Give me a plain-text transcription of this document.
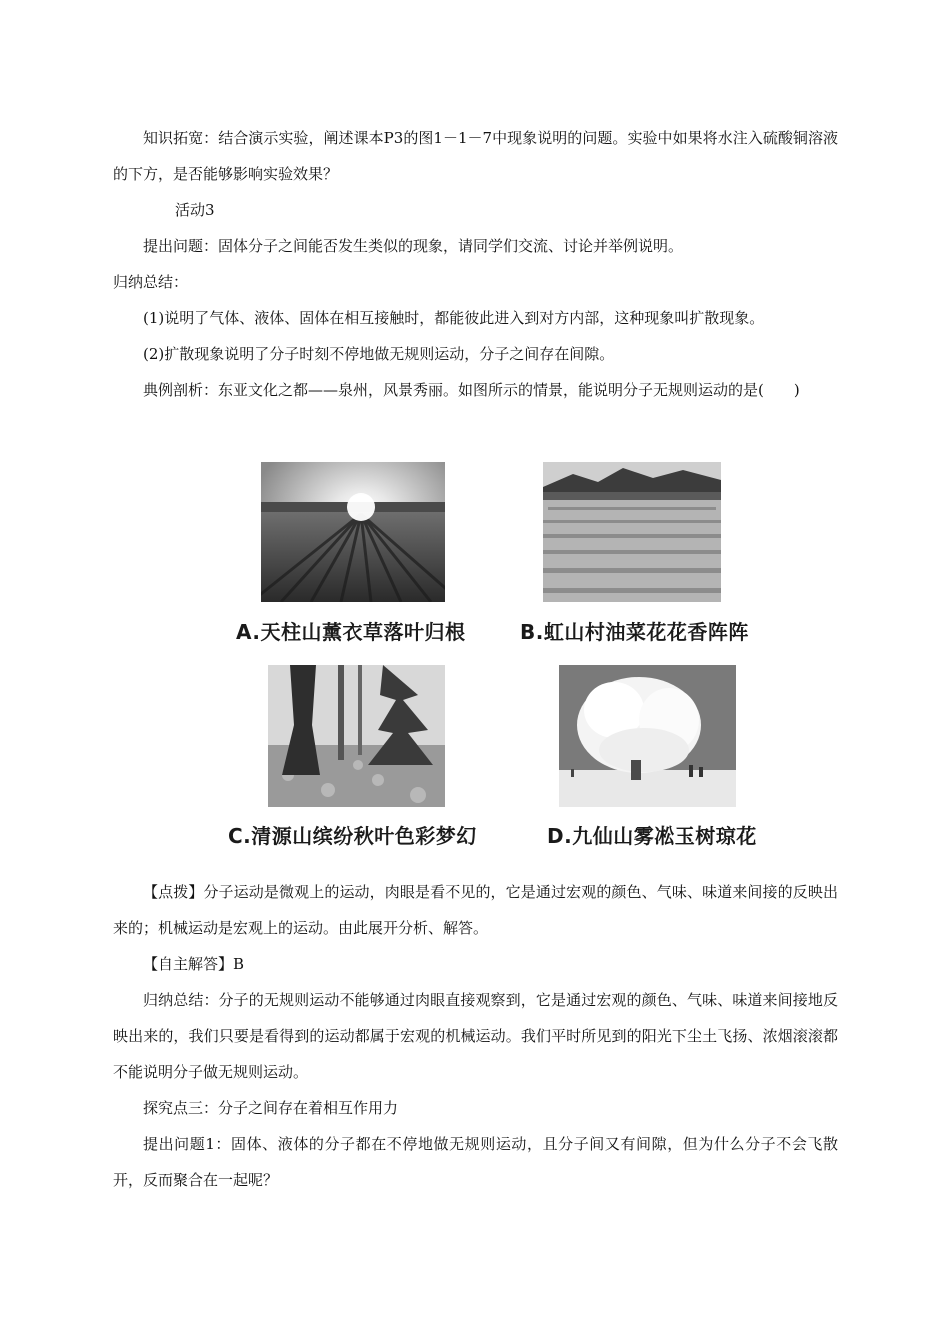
知识拓宽：结合演示实验，阐述课本P3的图1－1－7中现象说明的问题。实验中如果将水注入硫酸铜溶液的下方，是否能够影响实验效果？

活动3

提出问题：固体分子之间能否发生类似的现象，请同学们交流、讨论并举例说明。

归纳总结：

(1)说明了气体、液体、固体在相互接触时，都能彼此进入到对方内部，这种现象叫扩散现象。

(2)扩散现象说明了分子时刻不停地做无规则运动，分子之间存在间隙。

典例剖析：东亚文化之都——泉州，风景秀丽。如图所示的情景，能说明分子无规则运动的是(　　)

A.天柱山薰衣草落叶归根	B.虹山村油菜花花香阵阵
C.清源山缤纷秋叶色彩梦幻	D.九仙山雾凇玉树琼花

【点拨】分子运动是微观上的运动，肉眼是看不见的，它是通过宏观的颜色、气味、味道来间接的反映出来的；机械运动是宏观上的运动。由此展开分析、解答。

【自主解答】B

归纳总结：分子的无规则运动不能够通过肉眼直接观察到，它是通过宏观的颜色、气味、味道来间接地反映出来的，我们只要是看得到的运动都属于宏观的机械运动。我们平时所见到的阳光下尘土飞扬、浓烟滚滚都不能说明分子做无规则运动。

探究点三：分子之间存在着相互作用力

提出问题1：固体、液体的分子都在不停地做无规则运动，且分子间又有间隙，但为什么分子不会飞散开，反而聚合在一起呢？
